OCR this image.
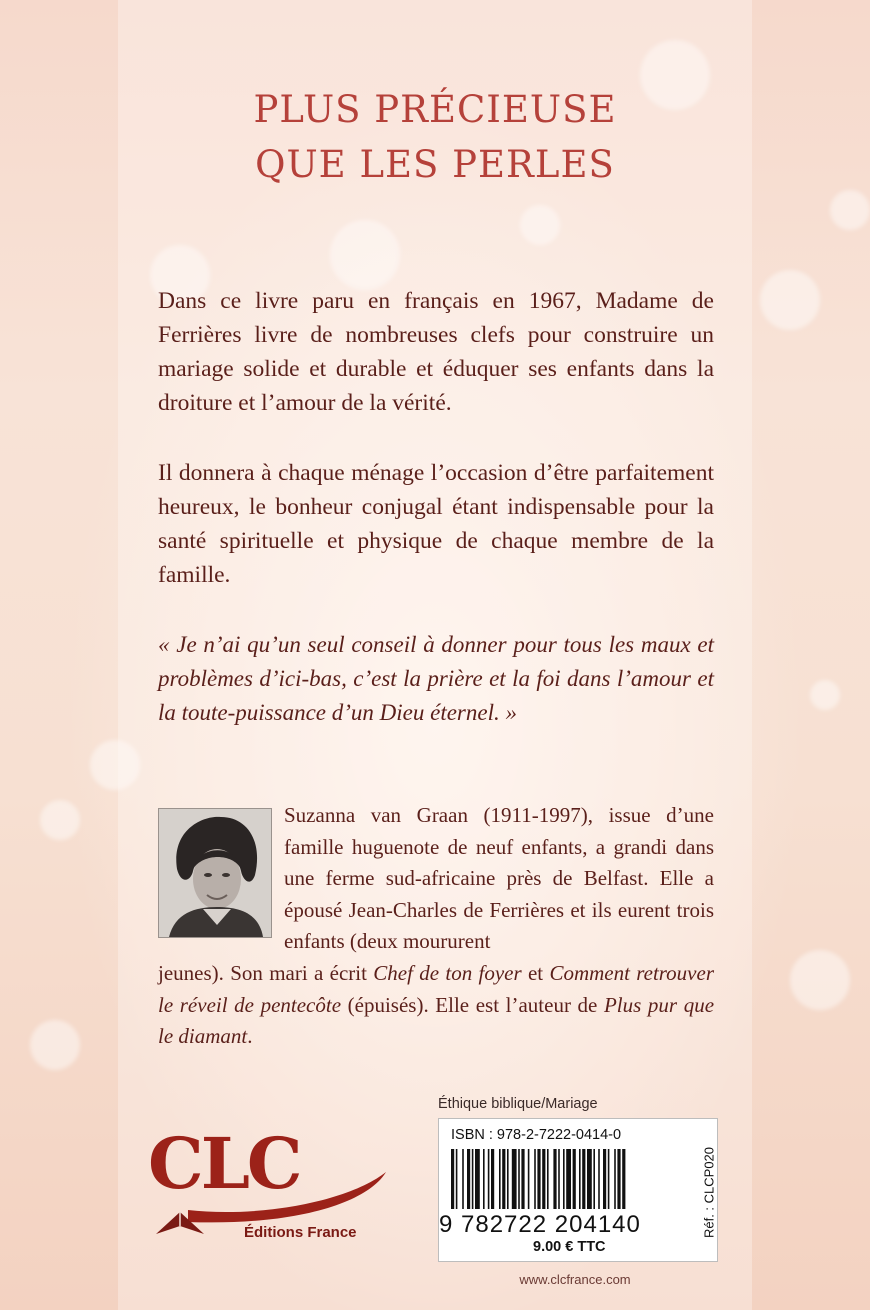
PLUS PRÉCIEUSE
QUE LES PERLES
Dans ce livre paru en français en 1967, Madame de Ferrières livre de nombreuses clefs pour construire un mariage solide et durable et éduquer ses enfants dans la droiture et l’amour de la vérité.
Il donnera à chaque ménage l’occasion d’être parfaitement heureux, le bonheur conjugal étant indispensable pour la santé spirituelle et physique de chaque membre de la famille.
« Je n’ai qu’un seul conseil à donner pour tous les maux et problèmes d’ici-bas, c’est la prière et la foi dans l’amour et la toute-puissance d’un Dieu éternel. »
Suzanna van Graan (1911-1997), issue d’une famille huguenote de neuf enfants, a grandi dans une ferme sud-africaine près de Belfast. Elle a épousé Jean-Charles de Ferrières et ils eurent trois enfants (deux moururent
jeunes). Son mari a écrit Chef de ton foyer et Comment retrouver le réveil de pentecôte (épuisés). Elle est l’auteur de Plus pur que le diamant.
CLC
Éditions France
Éthique biblique/Mariage
ISBN : 978-2-7222-0414-0
9 782722 204140
9.00 € TTC
Réf. : CLCP020
www.clcfrance.com
